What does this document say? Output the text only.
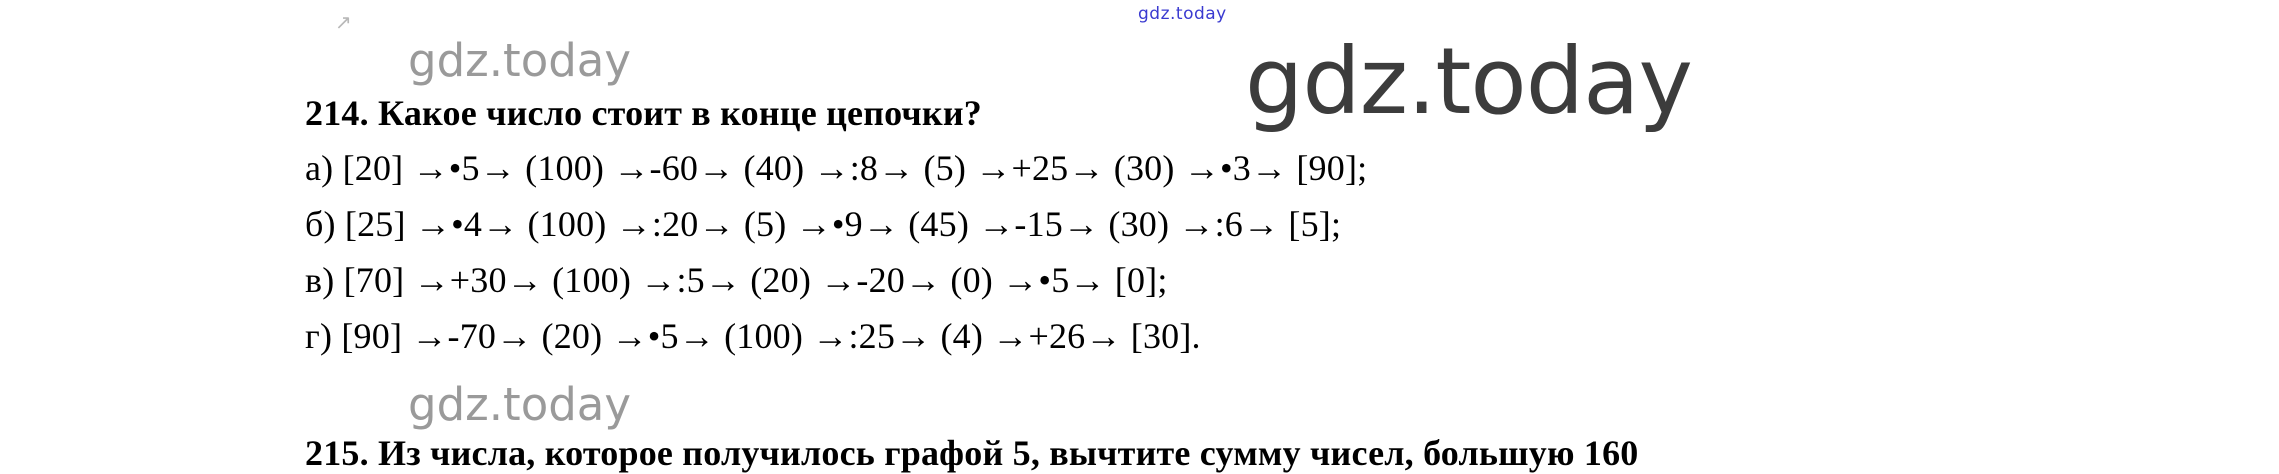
gdz.today
↗
gdz.today
gdz.today
gdz.today
214. Какое число стоит в конце цепочки?
а) [20] →•5→ (100) →-60→ (40) →:8→ (5) →+25→ (30) →•3→ [90];
б) [25] →•4→ (100) →:20→ (5) →•9→ (45) →-15→ (30) →:6→ [5];
в) [70] →+30→ (100) →:5→ (20) →-20→ (0) →•5→ [0];
г) [90] →-70→ (20) →•5→ (100) →:25→ (4) →+26→ [30].
215. Из числа, которое получилось графой 5, вычтите сумму чисел, большую 160
